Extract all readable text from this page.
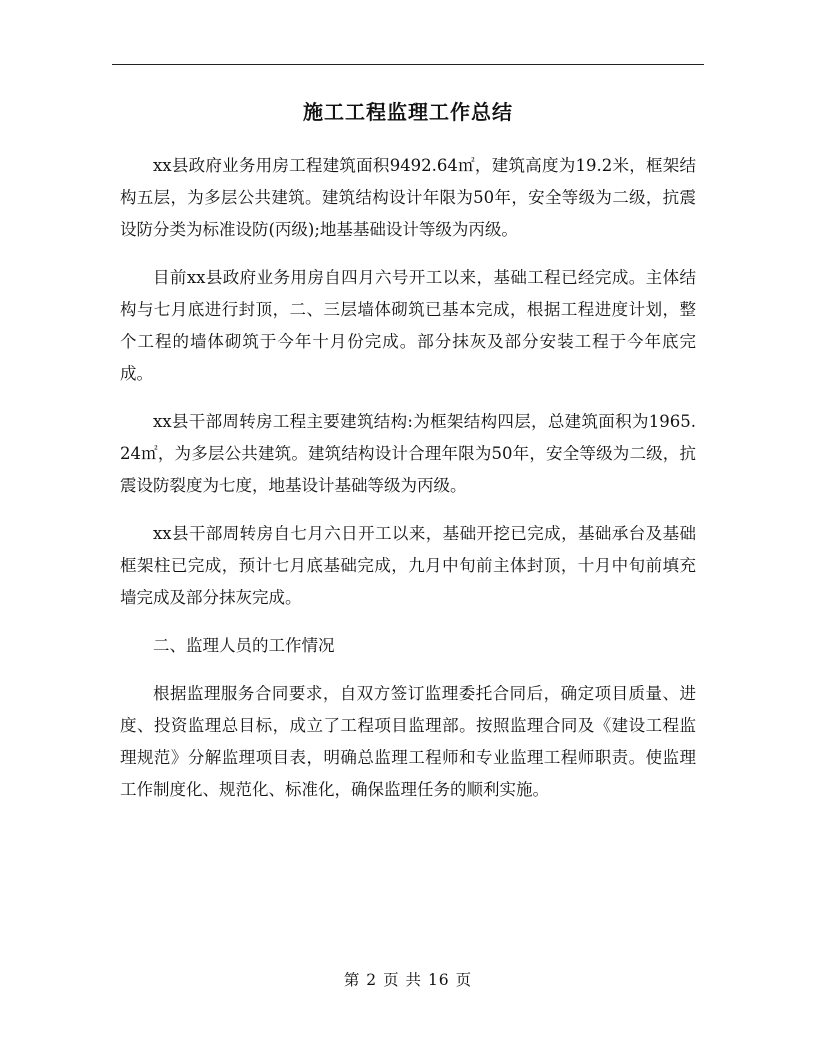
施工工程监理工作总结

xx县政府业务用房工程建筑面积9492.64㎡，建筑高度为19.2米，框架结构五层，为多层公共建筑。建筑结构设计年限为50年，安全等级为二级，抗震设防分类为标准设防(丙级);地基基础设计等级为丙级。

目前xx县政府业务用房自四月六号开工以来，基础工程已经完成。主体结构与七月底进行封顶，二、三层墙体砌筑已基本完成，根据工程进度计划，整个工程的墙体砌筑于今年十月份完成。部分抹灰及部分安装工程于今年底完成。

xx县干部周转房工程主要建筑结构:为框架结构四层，总建筑面积为1965.24㎡，为多层公共建筑。建筑结构设计合理年限为50年，安全等级为二级，抗震设防裂度为七度，地基设计基础等级为丙级。

xx县干部周转房自七月六日开工以来，基础开挖已完成，基础承台及基础框架柱已完成，预计七月底基础完成，九月中旬前主体封顶，十月中旬前填充墙完成及部分抹灰完成。

二、监理人员的工作情况

根据监理服务合同要求，自双方签订监理委托合同后，确定项目质量、进度、投资监理总目标，成立了工程项目监理部。按照监理合同及《建设工程监理规范》分解监理项目表，明确总监理工程师和专业监理工程师职责。使监理工作制度化、规范化、标准化，确保监理任务的顺利实施。

第 2 页 共 16 页
